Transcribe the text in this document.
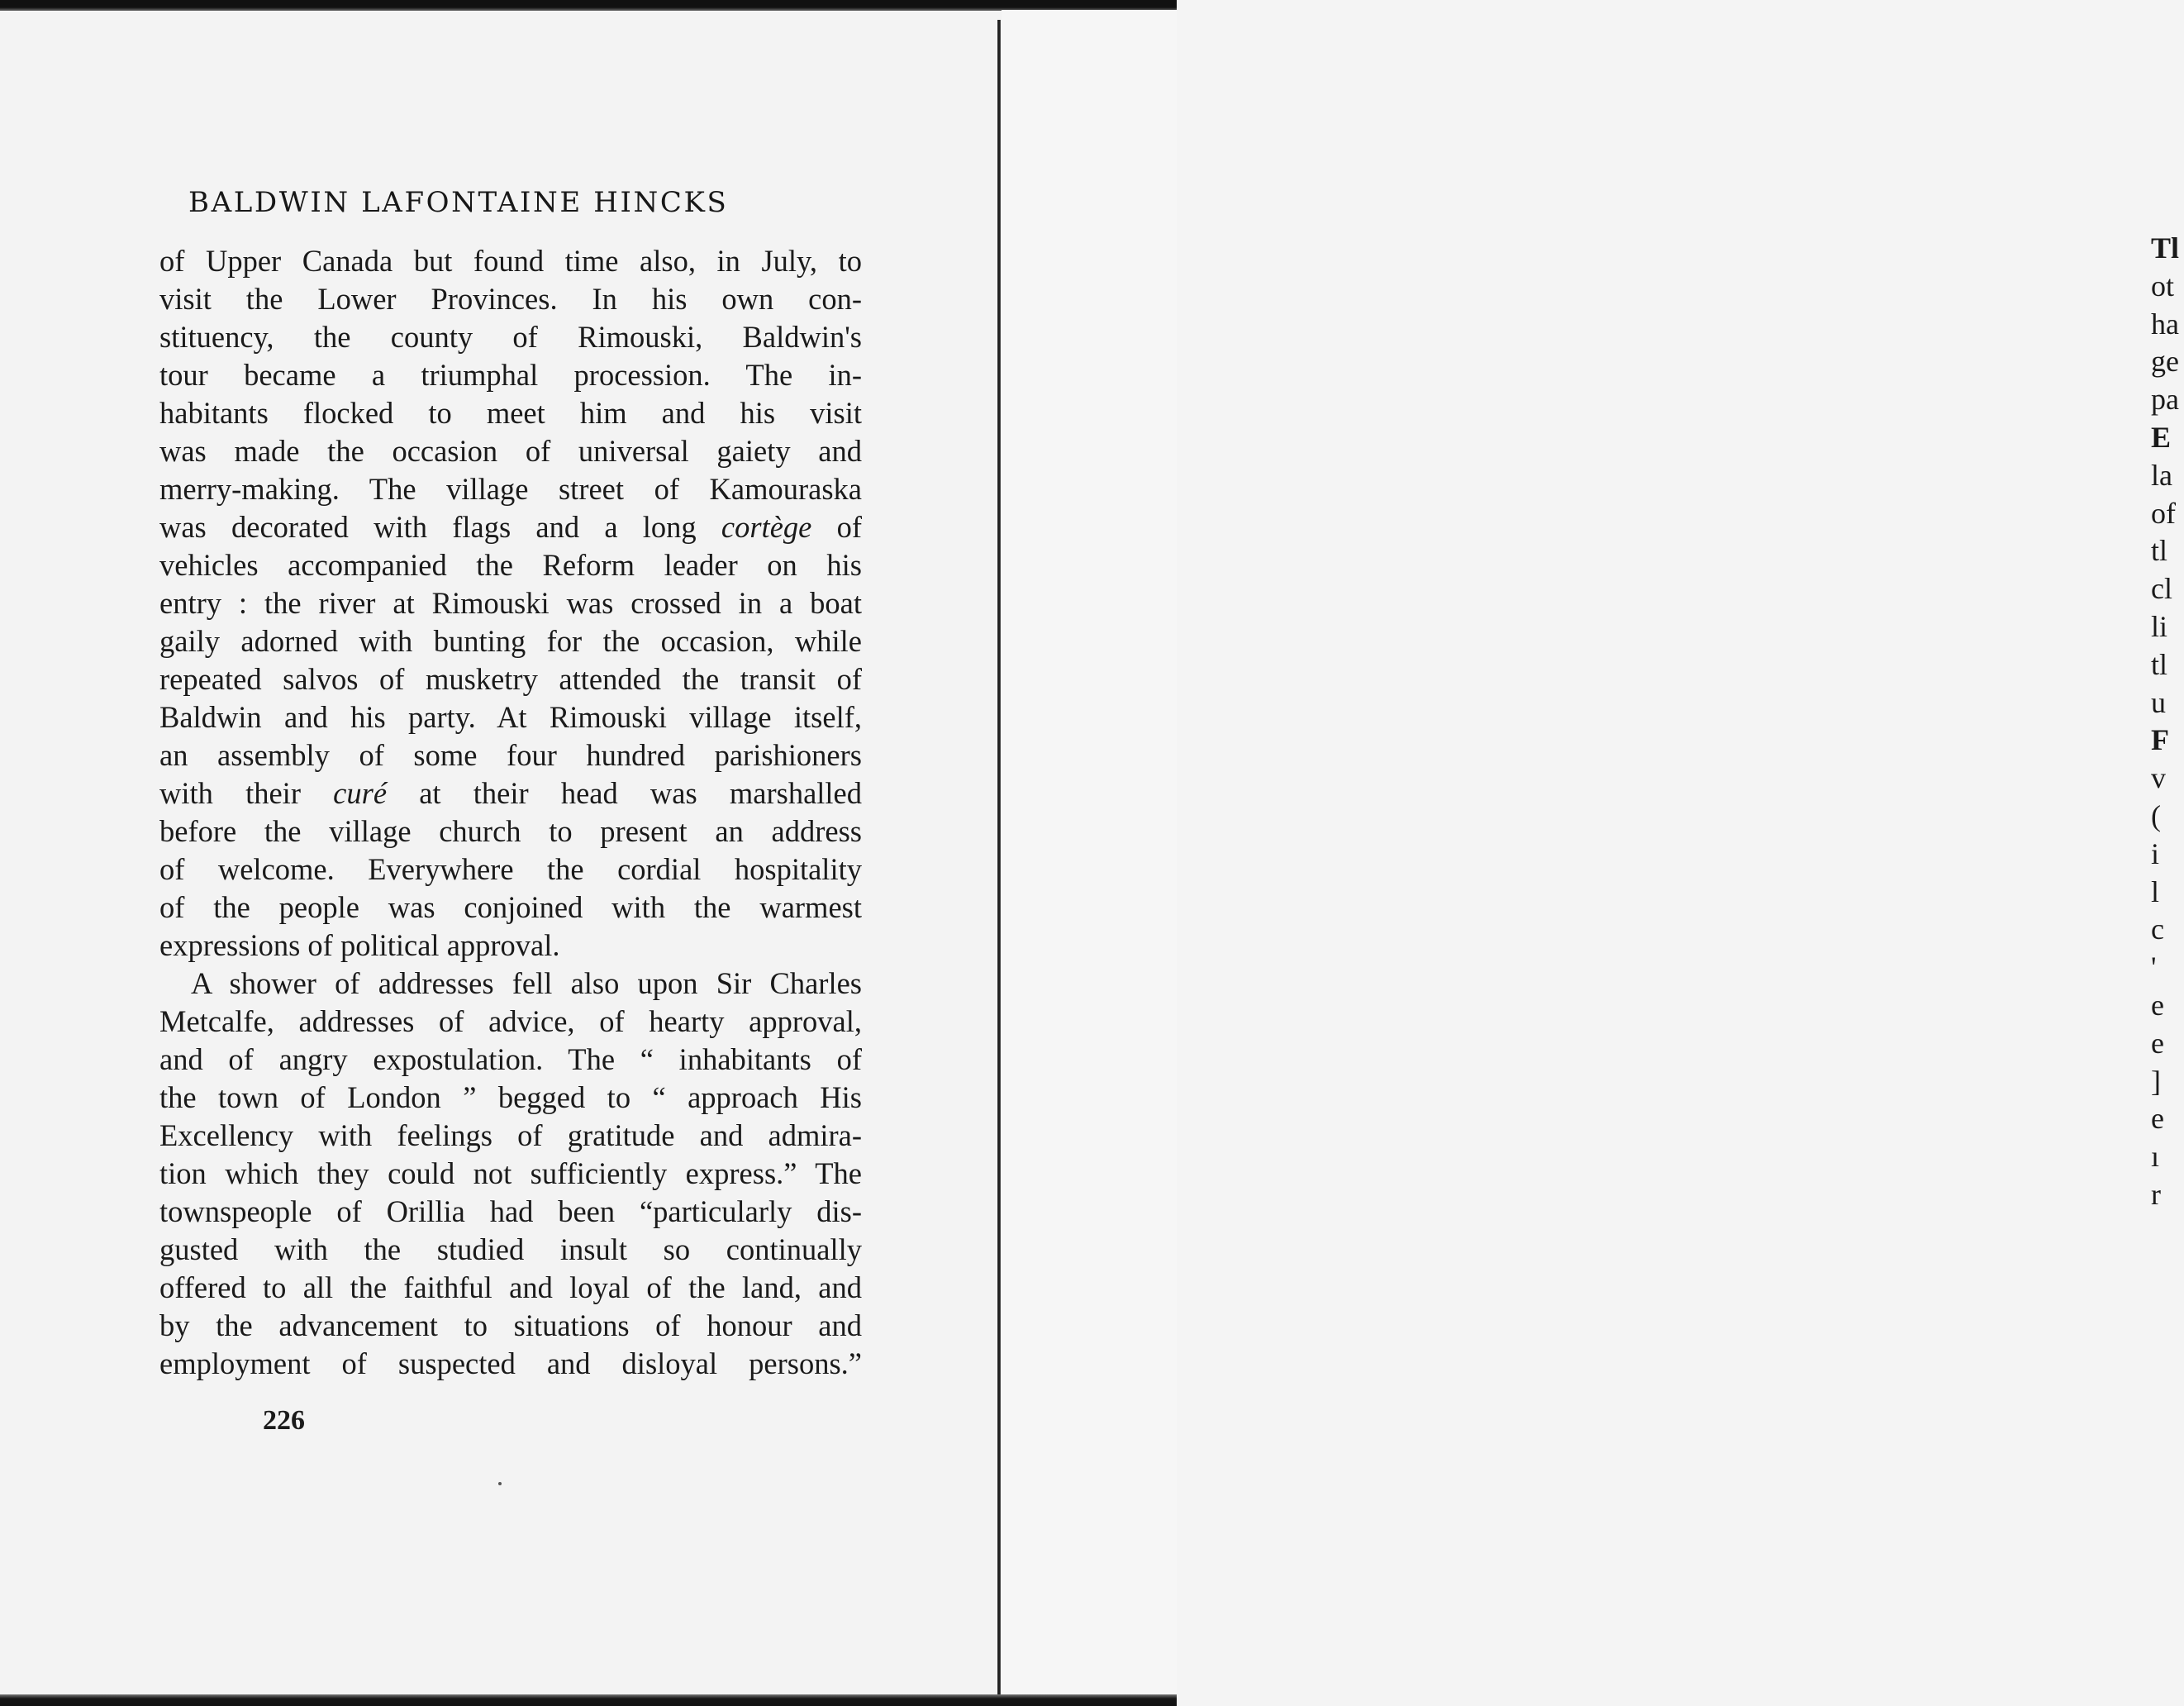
BALDWIN LAFONTAINE HINCKS
of Upper Canada but found time also, in July, to
visit the Lower Provinces. In his own con-
stituency, the county of Rimouski, Baldwin's
tour became a triumphal procession. The in-
habitants flocked to meet him and his visit
was made the occasion of universal gaiety and
merry-making. The village street of Kamouraska
was decorated with flags and a long cortège of
vehicles accompanied the Reform leader on his
entry : the river at Rimouski was crossed in a boat
gaily adorned with bunting for the occasion, while
repeated salvos of musketry attended the transit of
Baldwin and his party. At Rimouski village itself,
an assembly of some four hundred parishioners
with their curé at their head was marshalled
before the village church to present an address
of welcome. Everywhere the cordial hospitality
of the people was conjoined with the warmest
expressions of political approval.
A shower of addresses fell also upon Sir Charles
Metcalfe, addresses of advice, of hearty approval,
and of angry expostulation. The “ inhabitants of
the town of London ” begged to “ approach His
Excellency with feelings of gratitude and admira-
tion which they could not sufficiently express.” The
townspeople of Orillia had been “particularly dis-
gusted with the studied insult so continually
offered to all the faithful and loyal of the land, and
by the advancement to situations of honour and
employment of suspected and disloyal persons.”
226
Tl
ot
ha
ge
pa
E
la
of
tl
cl
li
tl
u
F
v
(
i
l
c
'
e
e
]
e
ı
r
